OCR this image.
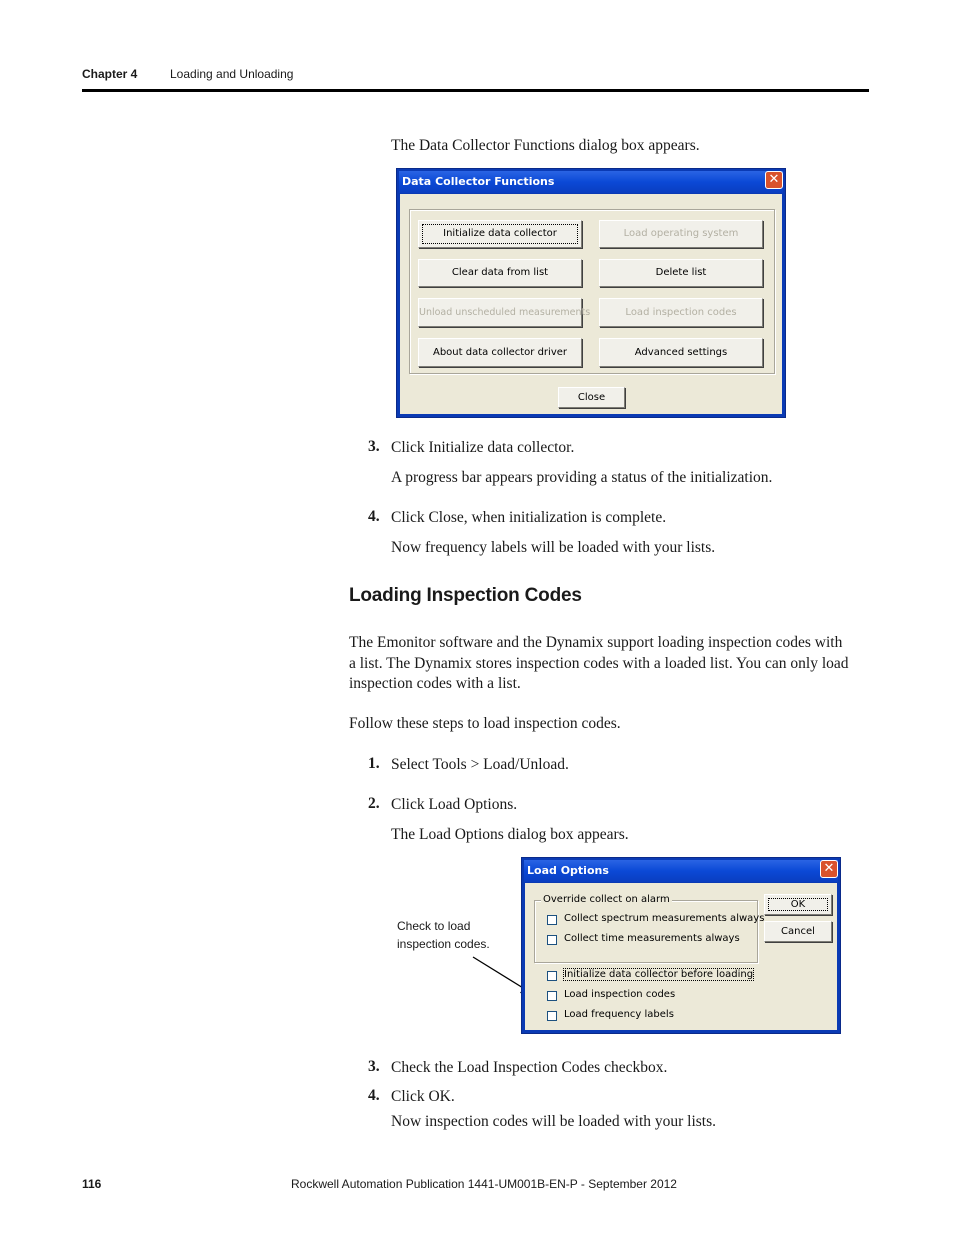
Chapter 4	Loading and Unloading
The Data Collector Functions dialog box appears.
Data Collector Functions	✕
Initialize data collector	Load operating system
Clear data from list	Delete list
Unload unscheduled measurements	Load inspection codes
About data collector driver	Advanced settings
Close
3. Click Initialize data collector.
A progress bar appears providing a status of the initialization.
4. Click Close, when initialization is complete.
Now frequency labels will be loaded with your lists.
Loading Inspection Codes
The Emonitor software and the Dynamix support loading inspection codes with
a list. The Dynamix stores inspection codes with a loaded list. You can only load
inspection codes with a list.
Follow these steps to load inspection codes.
1. Select Tools > Load/Unload.
2. Click Load Options.
The Load Options dialog box appears.
Check to load
inspection codes.
Load Options	✕
Override collect on alarm
Collect spectrum measurements always
Collect time measurements always
Initialize data collector before loading
Load inspection codes
Load frequency labels
OK
Cancel
3. Check the Load Inspection Codes checkbox.
4. Click OK.
Now inspection codes will be loaded with your lists.
116	Rockwell Automation Publication 1441-UM001B-EN-P - September 2012
